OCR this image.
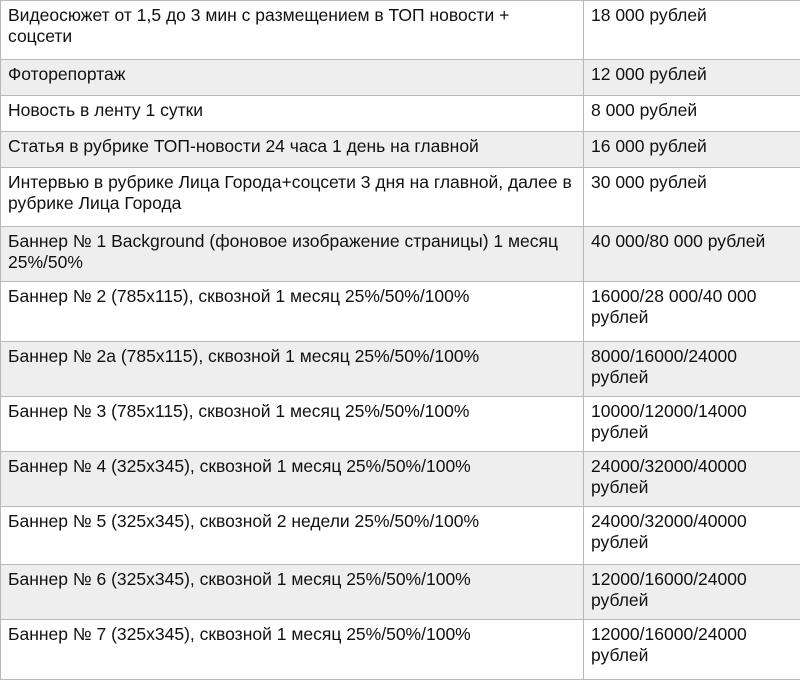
Видеосюжет от 1,5 до 3 мин с размещением в ТОП новости + соцсети	18 000 рублей

Фоторепортаж	12 000 рублей

Новость в ленту 1 сутки	8 000 рублей

Статья в рубрике ТОП-новости 24 часа 1 день на главной	16 000 рублей

Интервью в рубрике Лица Города+соцсети 3 дня на главной, далее в рубрике Лица Города	30 000 рублей

Баннер № 1 Background (фоновое изображение страницы) 1 месяц 25%/50%	40 000/80 000 рублей

Баннер № 2 (785х115), сквозной 1 месяц 25%/50%/100%	16000/28 000/40 000 рублей

Баннер № 2а (785х115), сквозной 1 месяц 25%/50%/100%	8000/16000/24000 рублей

Баннер № 3 (785х115), сквозной 1 месяц 25%/50%/100%	10000/12000/14000 рублей

Баннер № 4 (325х345), сквозной 1 месяц 25%/50%/100%	24000/32000/40000 рублей

Баннер № 5 (325х345), сквозной 2 недели 25%/50%/100%	24000/32000/40000 рублей

Баннер № 6 (325х345), сквозной 1 месяц 25%/50%/100%	12000/16000/24000 рублей

Баннер № 7 (325х345), сквозной 1 месяц 25%/50%/100%	12000/16000/24000 рублей
